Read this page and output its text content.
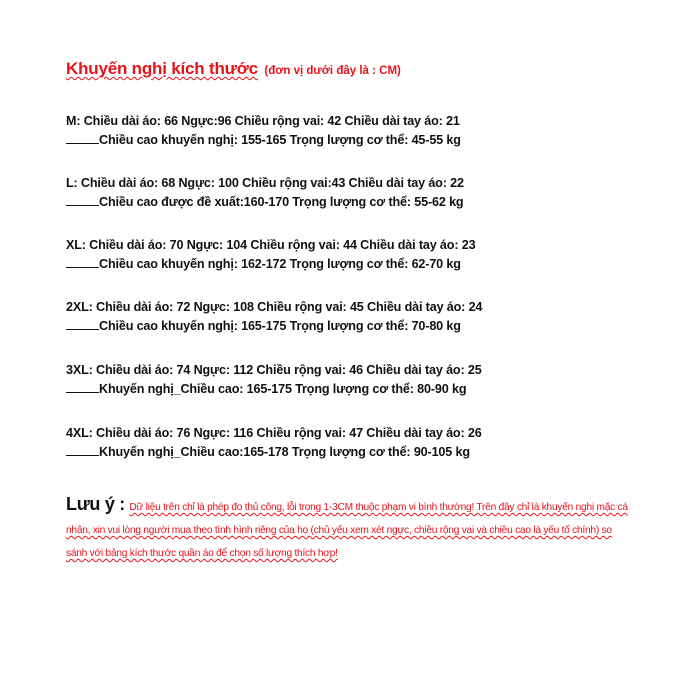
Khuyến nghị kích thước (đơn vị dưới đây là : CM)
M: Chiều dài áo: 66 Ngực:96 Chiều rộng vai: 42 Chiều dài tay áo: 21
Chiều cao khuyến nghị: 155-165 Trọng lượng cơ thể: 45-55 kg
L: Chiều dài áo: 68 Ngực: 100 Chiều rộng vai:43 Chiều dài tay áo: 22
Chiều cao được đề xuất:160-170 Trọng lượng cơ thể: 55-62 kg
XL: Chiều dài áo: 70 Ngực: 104 Chiều rộng vai: 44 Chiều dài tay áo: 23
Chiều cao khuyến nghị: 162-172 Trọng lượng cơ thể: 62-70 kg
2XL: Chiều dài áo: 72 Ngực: 108 Chiều rộng vai: 45 Chiều dài tay áo: 24
Chiều cao khuyến nghị: 165-175 Trọng lượng cơ thể: 70-80 kg
3XL: Chiều dài áo: 74 Ngực: 112 Chiều rộng vai: 46 Chiều dài tay áo: 25
Khuyến nghị_Chiều cao: 165-175 Trọng lượng cơ thể: 80-90 kg
4XL: Chiều dài áo: 76 Ngực: 116 Chiều rộng vai: 47 Chiều dài tay áo: 26
Khuyến nghị_Chiều cao:165-178 Trọng lượng cơ thể: 90-105 kg
Lưu ý : Dữ liệu trên chỉ là phép đo thủ công, lỗi trong 1-3CM thuộc phạm vi bình thường! Trên đây chỉ là khuyến nghị mặc cá nhân, xin vui lòng người mua theo tình hình riêng của họ (chủ yếu xem xét ngực, chiều rộng vai và chiều cao là yếu tố chính) so sánh với bảng kích thước quần áo để chọn số lượng thích hợp!
